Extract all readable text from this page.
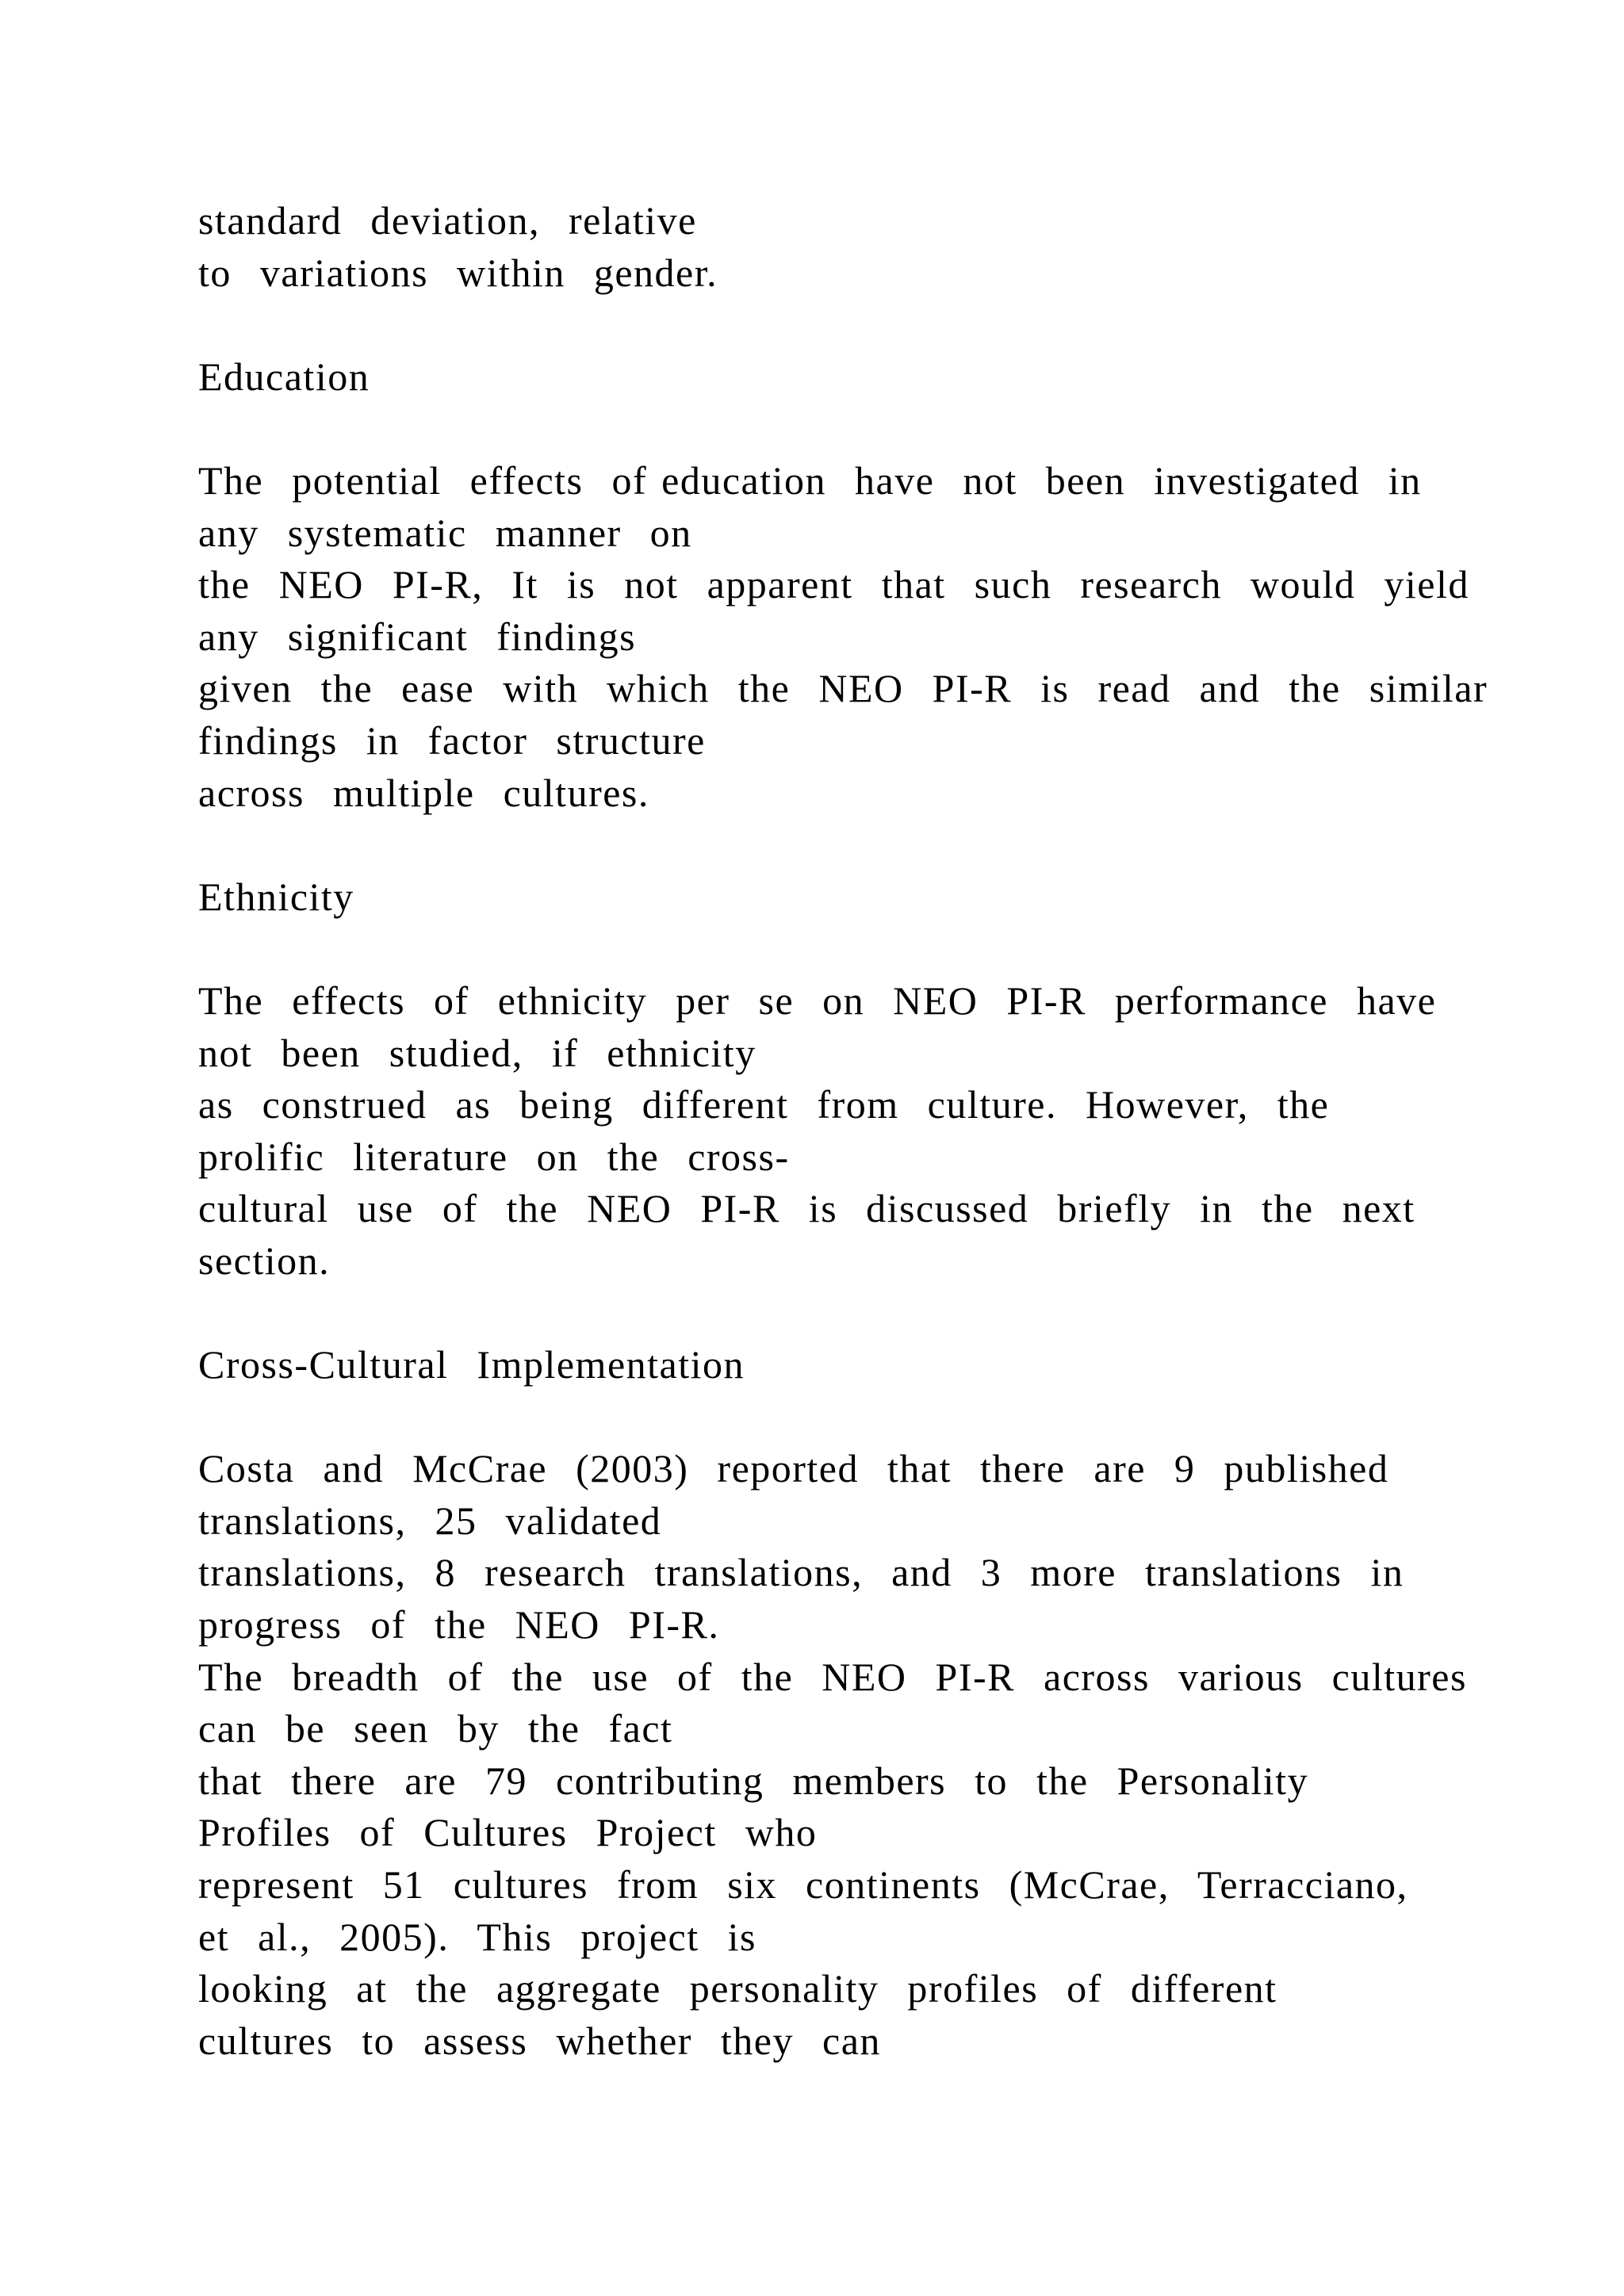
standard  deviation,  relative
to  variations  within  gender.
Education
The  potential  effects  of education  have  not  been  investigated  in
any  systematic  manner  on
the  NEO  PI-R,  It  is  not  apparent  that  such  research  would  yield
any  significant  findings
given  the  ease  with  which  the  NEO  PI-R  is  read  and  the  similar
findings  in  factor  structure
across  multiple  cultures.
Ethnicity
The  effects  of  ethnicity  per  se  on  NEO  PI-R  performance  have
not  been  studied,  if  ethnicity
as  construed  as  being  different  from  culture.  However,  the
prolific  literature  on  the  cross-
cultural  use  of  the  NEO  PI-R  is  discussed  briefly  in  the  next
section.
Cross-Cultural  Implementation
Costa  and  McCrae  (2003)  reported  that  there  are  9  published
translations,  25  validated
translations,  8  research  translations,  and  3  more  translations  in
progress  of  the  NEO  PI-R.
The  breadth  of  the  use  of  the  NEO  PI-R  across  various  cultures
can  be  seen  by  the  fact
that  there  are  79  contributing  members  to  the  Personality
Profiles  of  Cultures  Project  who
represent  51  cultures  from  six  continents  (McCrae,  Terracciano,
et  al.,  2005).  This  project  is
looking  at  the  aggregate  personality  profiles  of  different
cultures  to  assess  whether  they  can
